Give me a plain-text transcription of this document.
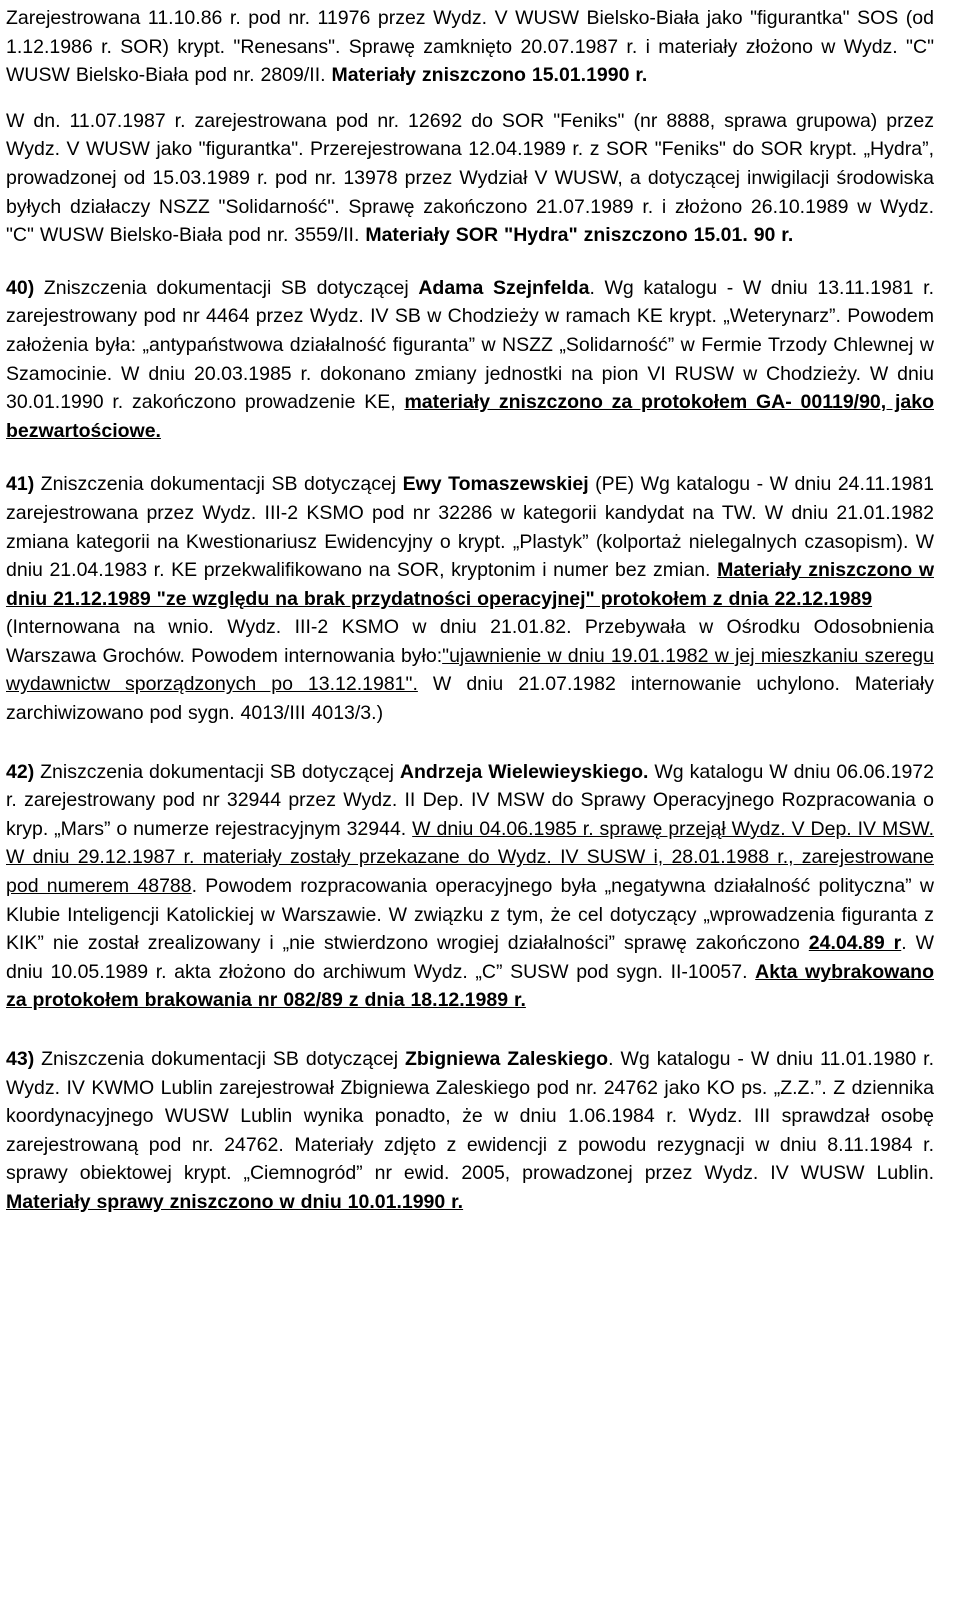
Zarejestrowana 11.10.86 r. pod nr. 11976 przez Wydz. V WUSW Bielsko-Biała jako "figurantka" SOS (od 1.12.1986 r. SOR) krypt. "Renesans". Sprawę zamknięto 20.07.1987 r. i materiały złożono w Wydz. "C" WUSW Bielsko-Biała pod nr. 2809/II. Materiały zniszczono 15.01.1990 r.

W dn. 11.07.1987 r. zarejestrowana pod nr. 12692 do SOR "Feniks" (nr 8888, sprawa grupowa) przez Wydz. V WUSW jako "figurantka". Przerejestrowana 12.04.1989 r. z SOR "Feniks" do SOR krypt. „Hydra”, prowadzonej od 15.03.1989 r. pod nr. 13978 przez Wydział V WUSW, a dotyczącej inwigilacji środowiska byłych działaczy NSZZ "Solidarność". Sprawę zakończono 21.07.1989 r. i złożono 26.10.1989 w Wydz. "C" WUSW Bielsko-Biała pod nr. 3559/II. Materiały SOR "Hydra" zniszczono 15.01. 90 r.

40) Zniszczenia dokumentacji SB dotyczącej Adama Szejnfelda. Wg katalogu - W dniu 13.11.1981 r. zarejestrowany pod nr 4464 przez Wydz. IV SB w Chodzieży w ramach KE krypt. „Weterynarz”. Powodem założenia była: „antypaństwowa działalność figuranta” w NSZZ „Solidarność” w Fermie Trzody Chlewnej w Szamocinie. W dniu 20.03.1985 r. dokonano zmiany jednostki na pion VI RUSW w Chodzieży. W dniu 30.01.1990 r. zakończono prowadzenie KE, materiały zniszczono za protokołem GA- 00119/90, jako bezwartościowe.

41) Zniszczenia dokumentacji SB dotyczącej Ewy Tomaszewskiej (PE) Wg katalogu - W dniu 24.11.1981 zarejestrowana przez Wydz. III-2 KSMO pod nr 32286 w kategorii kandydat na TW. W dniu 21.01.1982 zmiana kategorii na Kwestionariusz Ewidencyjny o krypt. „Plastyk” (kolportaż nielegalnych czasopism). W dniu 21.04.1983 r. KE przekwalifikowano na SOR, kryptonim i numer bez zmian. Materiały zniszczono w dniu 21.12.1989 "ze względu na brak przydatności operacyjnej" protokołem z dnia 22.12.1989

(Internowana na wnio. Wydz. III-2 KSMO w dniu 21.01.82. Przebywała w Ośrodku Odosobnienia Warszawa Grochów. Powodem internowania było:"ujawnienie w dniu 19.01.1982 w jej mieszkaniu szeregu wydawnictw sporządzonych po 13.12.1981". W dniu 21.07.1982 internowanie uchylono. Materiały zarchiwizowano pod sygn. 4013/III 4013/3.)

42) Zniszczenia dokumentacji SB dotyczącej Andrzeja Wielewieyskiego. Wg katalogu W dniu 06.06.1972 r. zarejestrowany pod nr 32944 przez Wydz. II Dep. IV MSW do Sprawy Operacyjnego Rozpracowania o kryp. „Mars” o numerze rejestracyjnym 32944. W dniu 04.06.1985 r. sprawę przejął Wydz. V Dep. IV MSW. W dniu 29.12.1987 r. materiały zostały przekazane do Wydz. IV SUSW i, 28.01.1988 r., zarejestrowane pod numerem 48788. Powodem rozpracowania operacyjnego była „negatywna działalność polityczna” w Klubie Inteligencji Katolickiej w Warszawie. W związku z tym, że cel dotyczący „wprowadzenia figuranta z KIK” nie został zrealizowany i „nie stwierdzono wrogiej działalności” sprawę zakończono 24.04.89 r. W dniu 10.05.1989 r. akta złożono do archiwum Wydz. „C” SUSW pod sygn. II-10057. Akta wybrakowano za protokołem brakowania nr 082/89 z dnia 18.12.1989 r.

43) Zniszczenia dokumentacji SB dotyczącej Zbigniewa Zaleskiego. Wg katalogu - W dniu 11.01.1980 r. Wydz. IV KWMO Lublin zarejestrował Zbigniewa Zaleskiego pod nr. 24762 jako KO ps. „Z.Z.”. Z dziennika koordynacyjnego WUSW Lublin wynika ponadto, że w dniu 1.06.1984 r. Wydz. III sprawdzał osobę zarejestrowaną pod nr. 24762. Materiały zdjęto z ewidencji z powodu rezygnacji w dniu 8.11.1984 r. sprawy obiektowej krypt. „Ciemnogród” nr ewid. 2005, prowadzonej przez Wydz. IV WUSW Lublin. Materiały sprawy zniszczono w dniu 10.01.1990 r.
